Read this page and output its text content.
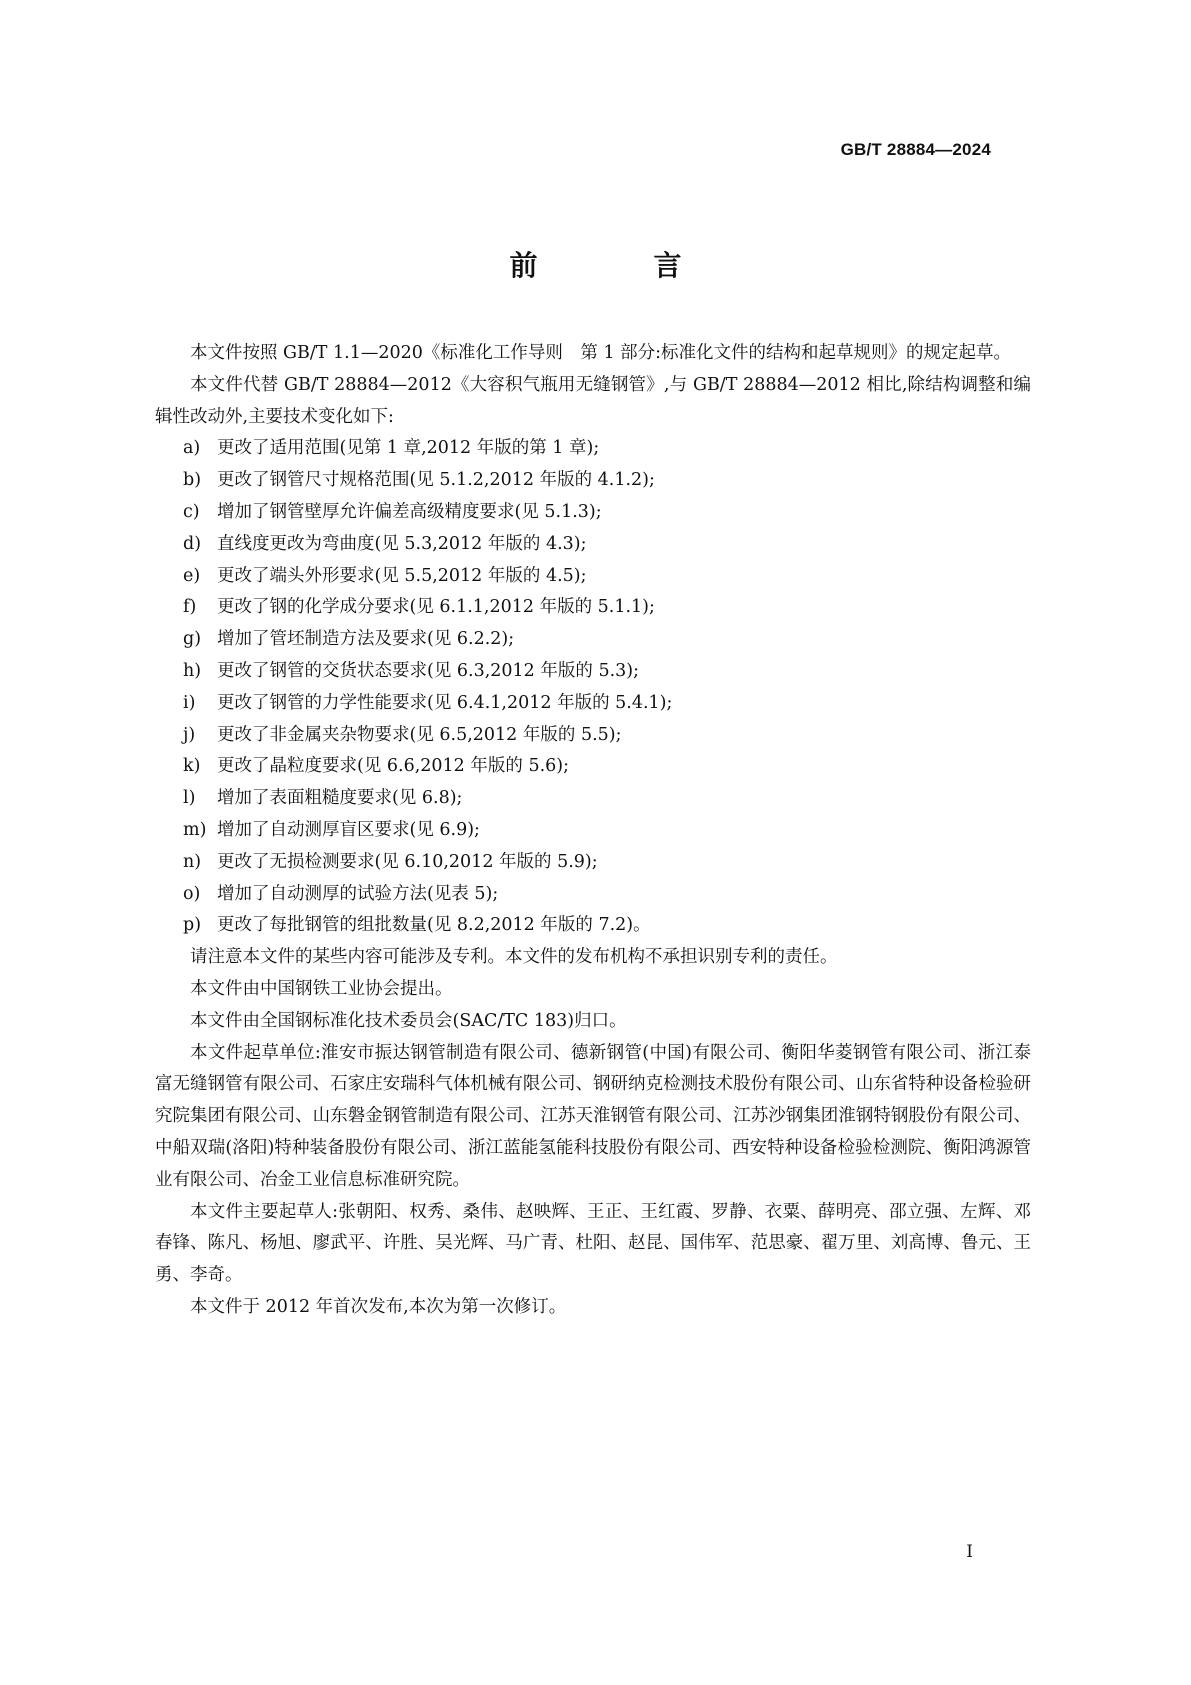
GB/T 28884—2024
前　言

本文件按照 GB/T 1.1—2020《标准化工作导则　第 1 部分:标准化文件的结构和起草规则》的规定起草。

本文件代替 GB/T 28884—2012《大容积气瓶用无缝钢管》,与 GB/T 28884—2012 相比,除结构调整和编辑性改动外,主要技术变化如下:

a) 更改了适用范围(见第 1 章,2012 年版的第 1 章);
b) 更改了钢管尺寸规格范围(见 5.1.2,2012 年版的 4.1.2);
c) 增加了钢管壁厚允许偏差高级精度要求(见 5.1.3);
d) 直线度更改为弯曲度(见 5.3,2012 年版的 4.3);
e) 更改了端头外形要求(见 5.5,2012 年版的 4.5);
f) 更改了钢的化学成分要求(见 6.1.1,2012 年版的 5.1.1);
g) 增加了管坯制造方法及要求(见 6.2.2);
h) 更改了钢管的交货状态要求(见 6.3,2012 年版的 5.3);
i) 更改了钢管的力学性能要求(见 6.4.1,2012 年版的 5.4.1);
j) 更改了非金属夹杂物要求(见 6.5,2012 年版的 5.5);
k) 更改了晶粒度要求(见 6.6,2012 年版的 5.6);
l) 增加了表面粗糙度要求(见 6.8);
m) 增加了自动测厚盲区要求(见 6.9);
n) 更改了无损检测要求(见 6.10,2012 年版的 5.9);
o) 增加了自动测厚的试验方法(见表 5);
p) 更改了每批钢管的组批数量(见 8.2,2012 年版的 7.2)。

请注意本文件的某些内容可能涉及专利。本文件的发布机构不承担识别专利的责任。

本文件由中国钢铁工业协会提出。

本文件由全国钢标准化技术委员会(SAC/TC 183)归口。

本文件起草单位:淮安市振达钢管制造有限公司、德新钢管(中国)有限公司、衡阳华菱钢管有限公司、浙江泰富无缝钢管有限公司、石家庄安瑞科气体机械有限公司、钢研纳克检测技术股份有限公司、山东省特种设备检验研究院集团有限公司、山东磐金钢管制造有限公司、江苏天淮钢管有限公司、江苏沙钢集团淮钢特钢股份有限公司、中船双瑞(洛阳)特种装备股份有限公司、浙江蓝能氢能科技股份有限公司、西安特种设备检验检测院、衡阳鸿源管业有限公司、冶金工业信息标准研究院。

本文件主要起草人:张朝阳、权秀、桑伟、赵映辉、王正、王红霞、罗静、衣粟、薛明亮、邵立强、左辉、邓春锋、陈凡、杨旭、廖武平、许胜、吴光辉、马广青、杜阳、赵昆、国伟军、范思豪、翟万里、刘高博、鲁元、王勇、李奇。

本文件于 2012 年首次发布,本次为第一次修订。

I
